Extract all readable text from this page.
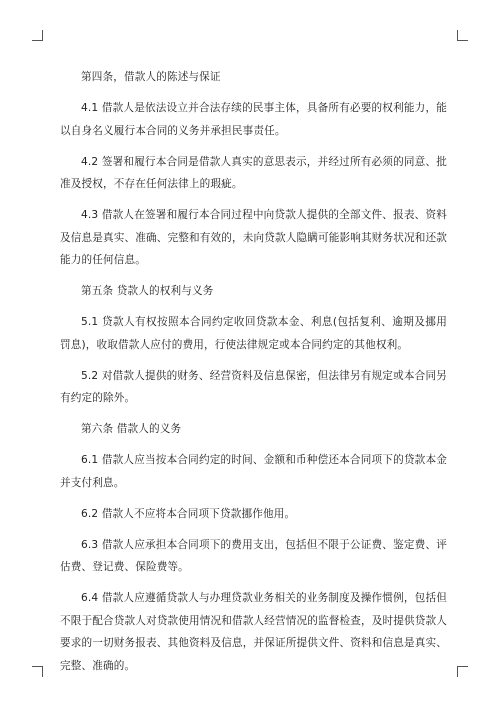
第四条，借款人的陈述与保证

4.1 借款人是依法设立并合法存续的民事主体，具备所有必要的权利能力，能以自身名义履行本合同的义务并承担民事责任。

4.2 签署和履行本合同是借款人真实的意思表示，并经过所有必须的同意、批准及授权，不存在任何法律上的瑕疵。

4.3 借款人在签署和履行本合同过程中向贷款人提供的全部文件、报表、资料及信息是真实、准确、完整和有效的，未向贷款人隐瞒可能影响其财务状况和还款能力的任何信息。

第五条 贷款人的权利与义务

5.1 贷款人有权按照本合同约定收回贷款本金、利息(包括复利、逾期及挪用罚息)，收取借款人应付的费用，行使法律规定或本合同约定的其他权利。

5.2 对借款人提供的财务、经营资料及信息保密，但法律另有规定或本合同另有约定的除外。

第六条 借款人的义务

6.1 借款人应当按本合同约定的时间、金额和币种偿还本合同项下的贷款本金并支付利息。

6.2 借款人不应将本合同项下贷款挪作他用。

6.3 借款人应承担本合同项下的费用支出，包括但不限于公证费、鉴定费、评估费、登记费、保险费等。

6.4 借款人应遵循贷款人与办理贷款业务相关的业务制度及操作惯例，包括但不限于配合贷款人对贷款使用情况和借款人经营情况的监督检查，及时提供贷款人要求的一切财务报表、其他资料及信息，并保证所提供文件、资料和信息是真实、完整、准确的。
